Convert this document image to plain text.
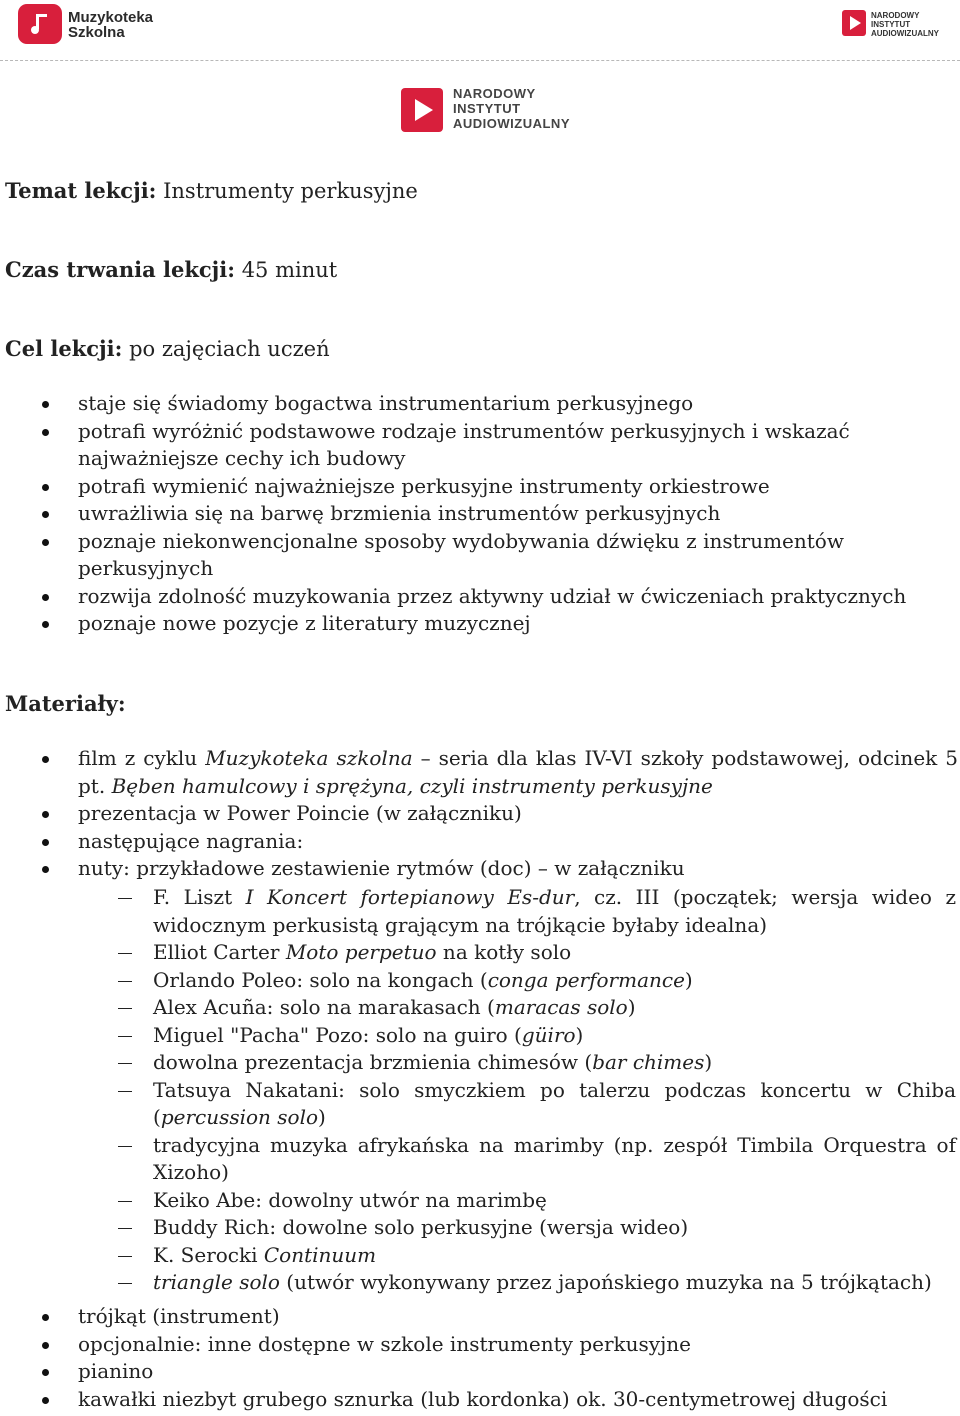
Muzykoteka
Szkolna
NARODOWY
INSTYTUT
AUDIOWIZUALNY
NARODOWY
INSTYTUT
AUDIOWIZUALNY
Temat lekcji: Instrumenty perkusyjne
Czas trwania lekcji: 45 minut
Cel lekcji: po zajęciach uczeń
staje się świadomy bogactwa instrumentarium perkusyjnego
potrafi wyróżnić podstawowe rodzaje instrumentów perkusyjnych i wskazać najważniejsze cechy ich budowy
potrafi wymienić najważniejsze perkusyjne instrumenty orkiestrowe
uwrażliwia się na barwę brzmienia instrumentów perkusyjnych
poznaje niekonwencjonalne sposoby wydobywania dźwięku z instrumentów perkusyjnych
rozwija zdolność muzykowania przez aktywny udział w ćwiczeniach praktycznych
poznaje nowe pozycje z literatury muzycznej
Materiały:
film z cyklu Muzykoteka szkolna – seria dla klas IV-VI szkoły podstawowej, odcinek 5 pt. Bęben hamulcowy i sprężyna, czyli instrumenty perkusyjne
prezentacja w Power Poincie (w załączniku)
następujące nagrania:
nuty: przykładowe zestawienie rytmów (doc) – w załączniku
F. Liszt I Koncert fortepianowy Es-dur, cz. III (początek; wersja wideo z widocznym perkusistą grającym na trójkącie byłaby idealna)
Elliot Carter Moto perpetuo na kotły solo
Orlando Poleo: solo na kongach (conga performance)
Alex Acuña: solo na marakasach (maracas solo)
Miguel "Pacha" Pozo: solo na guiro (güiro)
dowolna prezentacja brzmienia chimesów (bar chimes)
Tatsuya Nakatani: solo smyczkiem po talerzu podczas koncertu w Chiba (percussion solo)
tradycyjna muzyka afrykańska na marimby (np. zespół Timbila Orquestra of Xizoho)
Keiko Abe: dowolny utwór na marimbę
Buddy Rich: dowolne solo perkusyjne (wersja wideo)
K. Serocki Continuum
triangle solo (utwór wykonywany przez japońskiego muzyka na 5 trójkątach)
trójkąt (instrument)
opcjonalnie: inne dostępne w szkole instrumenty perkusyjne
pianino
kawałki niezbyt grubego sznurka (lub kordonka) ok. 30-centymetrowej długości
